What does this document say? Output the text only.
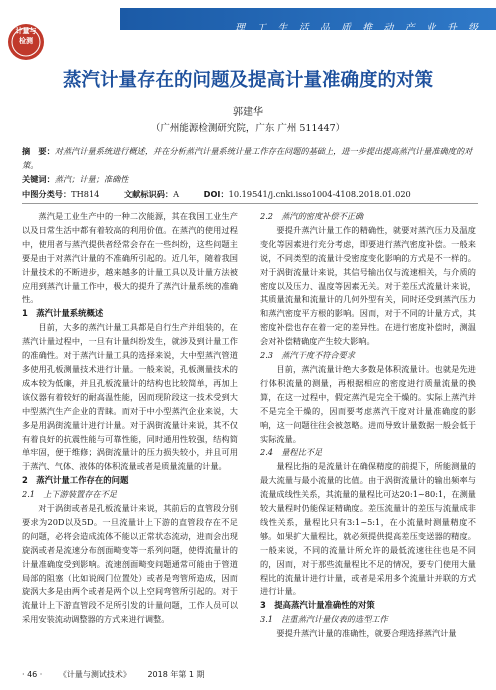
理 工 生 活 品 质 推 动 产 业 升 级
计量与
检测
蒸汽计量存在的问题及提高计量准确度的对策
郭建华
（广州能源检测研究院，广东 广州 511447）
摘　要：对蒸汽计量系统进行概述，并在分析蒸汽计量系统计量工作存在问题的基础上，进一步提出提高蒸汽计量准确度的对策。
关键词：蒸汽；计量；准确性
中图分类号：TH814	文献标识码：A	DOI：10.19541/j.cnki.isso1004-4108.2018.01.020

蒸汽是工业生产中的一种二次能源，其在我国工业生产以及日常生活中都有着较高的利用价值。在蒸汽的使用过程中，使用者与蒸汽提供者经常会存在一些纠纷，这些问题主要是由于对蒸汽计量的不准确所引起的。近几年，随着我国计量技术的不断进步，越来越多的计量工具以及计量方法被应用到蒸汽计量工作中，极大的提升了蒸汽计量系统的准确性。

1　蒸汽计量系统概述

目前，大多的蒸汽计量工具都是自行生产并组装的，在蒸汽计量过程中，一旦有计量纠纷发生，就涉及到计量工作的准确性。对于蒸汽计量工具的选择来说，大中型蒸汽管道多使用孔板测量技术进行计量。一般来说，孔板测量技术的成本较为低廉，并且孔板流量计的结构也比较简单，再加上该仪器有着较好的耐高温性能，因而现阶段这一技术受到大中型蒸汽生产企业的青睐。而对于中小型蒸汽企业来说，大多是用涡街流量计进行计量。对于涡街流量计来说，其不仅有着良好的抗震性能与可靠性能，同时通用性较强，结构简单牢固，便于维修；涡街流量计的压力损失较小，并且可用于蒸汽、气体、液体的体积流量或者是质量流量的计量。

2　蒸汽计量工作存在的问题
2.1　上下游装置存在不足

对于涡街或者是孔板流量计来说，其前后的直管段分别要求为20D以及5D。一旦流量计上下游的直管段存在不足的问题，必将会造成流体不能以正常状态流动，进而会出现旋涡或者是流速分布剖面畸变等一系列问题，使得流量计的计量准确度受到影响。流速剖面畸变问题通常可能由于管道局部的阻塞（比如说阀门位置处）或者是弯管所造成，因而旋涡大多是由两个或者是两个以上空间弯管所引起的。对于流量计上下游直管段不足所引发的计量问题，工作人员可以采用安装流动调整器的方式来进行调整。

2.2　蒸汽的密度补偿不正确

要提升蒸汽计量工作的精确性，就要对蒸汽压力及温度变化等因素进行充分考虑，即要进行蒸汽密度补偿。一般来说，不同类型的流量计受密度变化影响的方式是不一样的。对于涡街流量计来说，其信号输出仅与流速相关，与介质的密度以及压力、温度等因素无关。对于差压式流量计来说，其质量流量和流量计的几何外型有关，同时还受到蒸汽压力和蒸汽密度平方根的影响。因而，对于不同的计量方式，其密度补偿也存在着一定的差异性。在进行密度补偿时，测温会对补偿精确度产生较大影响。

2.3　蒸汽干度不符合要求

目前，蒸汽流量计绝大多数是体积流量计。也就是先进行体积流量的测量，再根据相应的密度进行质量流量的换算，在这一过程中，假定蒸汽是完全干燥的。实际上蒸汽并不是完全干燥的，因而要考虑蒸汽干度对计量准确度的影响，这一问题往往会被忽略。进而导致计量数据一般会低于实际流量。

2.4　量程比不足

量程比指的是流量计在确保精度的前提下，所能测量的最大流量与最小流量的比值。由于涡街流量计的输出频率与流量成线性关系，其流量的量程比可达20:1~80:1，在测量较大量程时仍能保证精确度。差压流量计的差压与流量成非线性关系，量程比只有3:1~5:1，在小流量时测量精度不够。如果扩大量程比，就必须提供提高差压变送器的精度。一般来说，不同的流量计所允许的最低流速往往也是不同的，因而，对于那些流量程比不足的情况，要专门使用大量程比的流量计进行计量，或者是采用多个流量计并联的方式进行计量。

3　提高蒸汽计量准确性的对策
3.1　注重蒸汽计量仪表的选型工作

要提升蒸汽计量的准确性，就要合理选择蒸汽计量

· 46 · 《计量与测试技术》 2018 年第 1 期
